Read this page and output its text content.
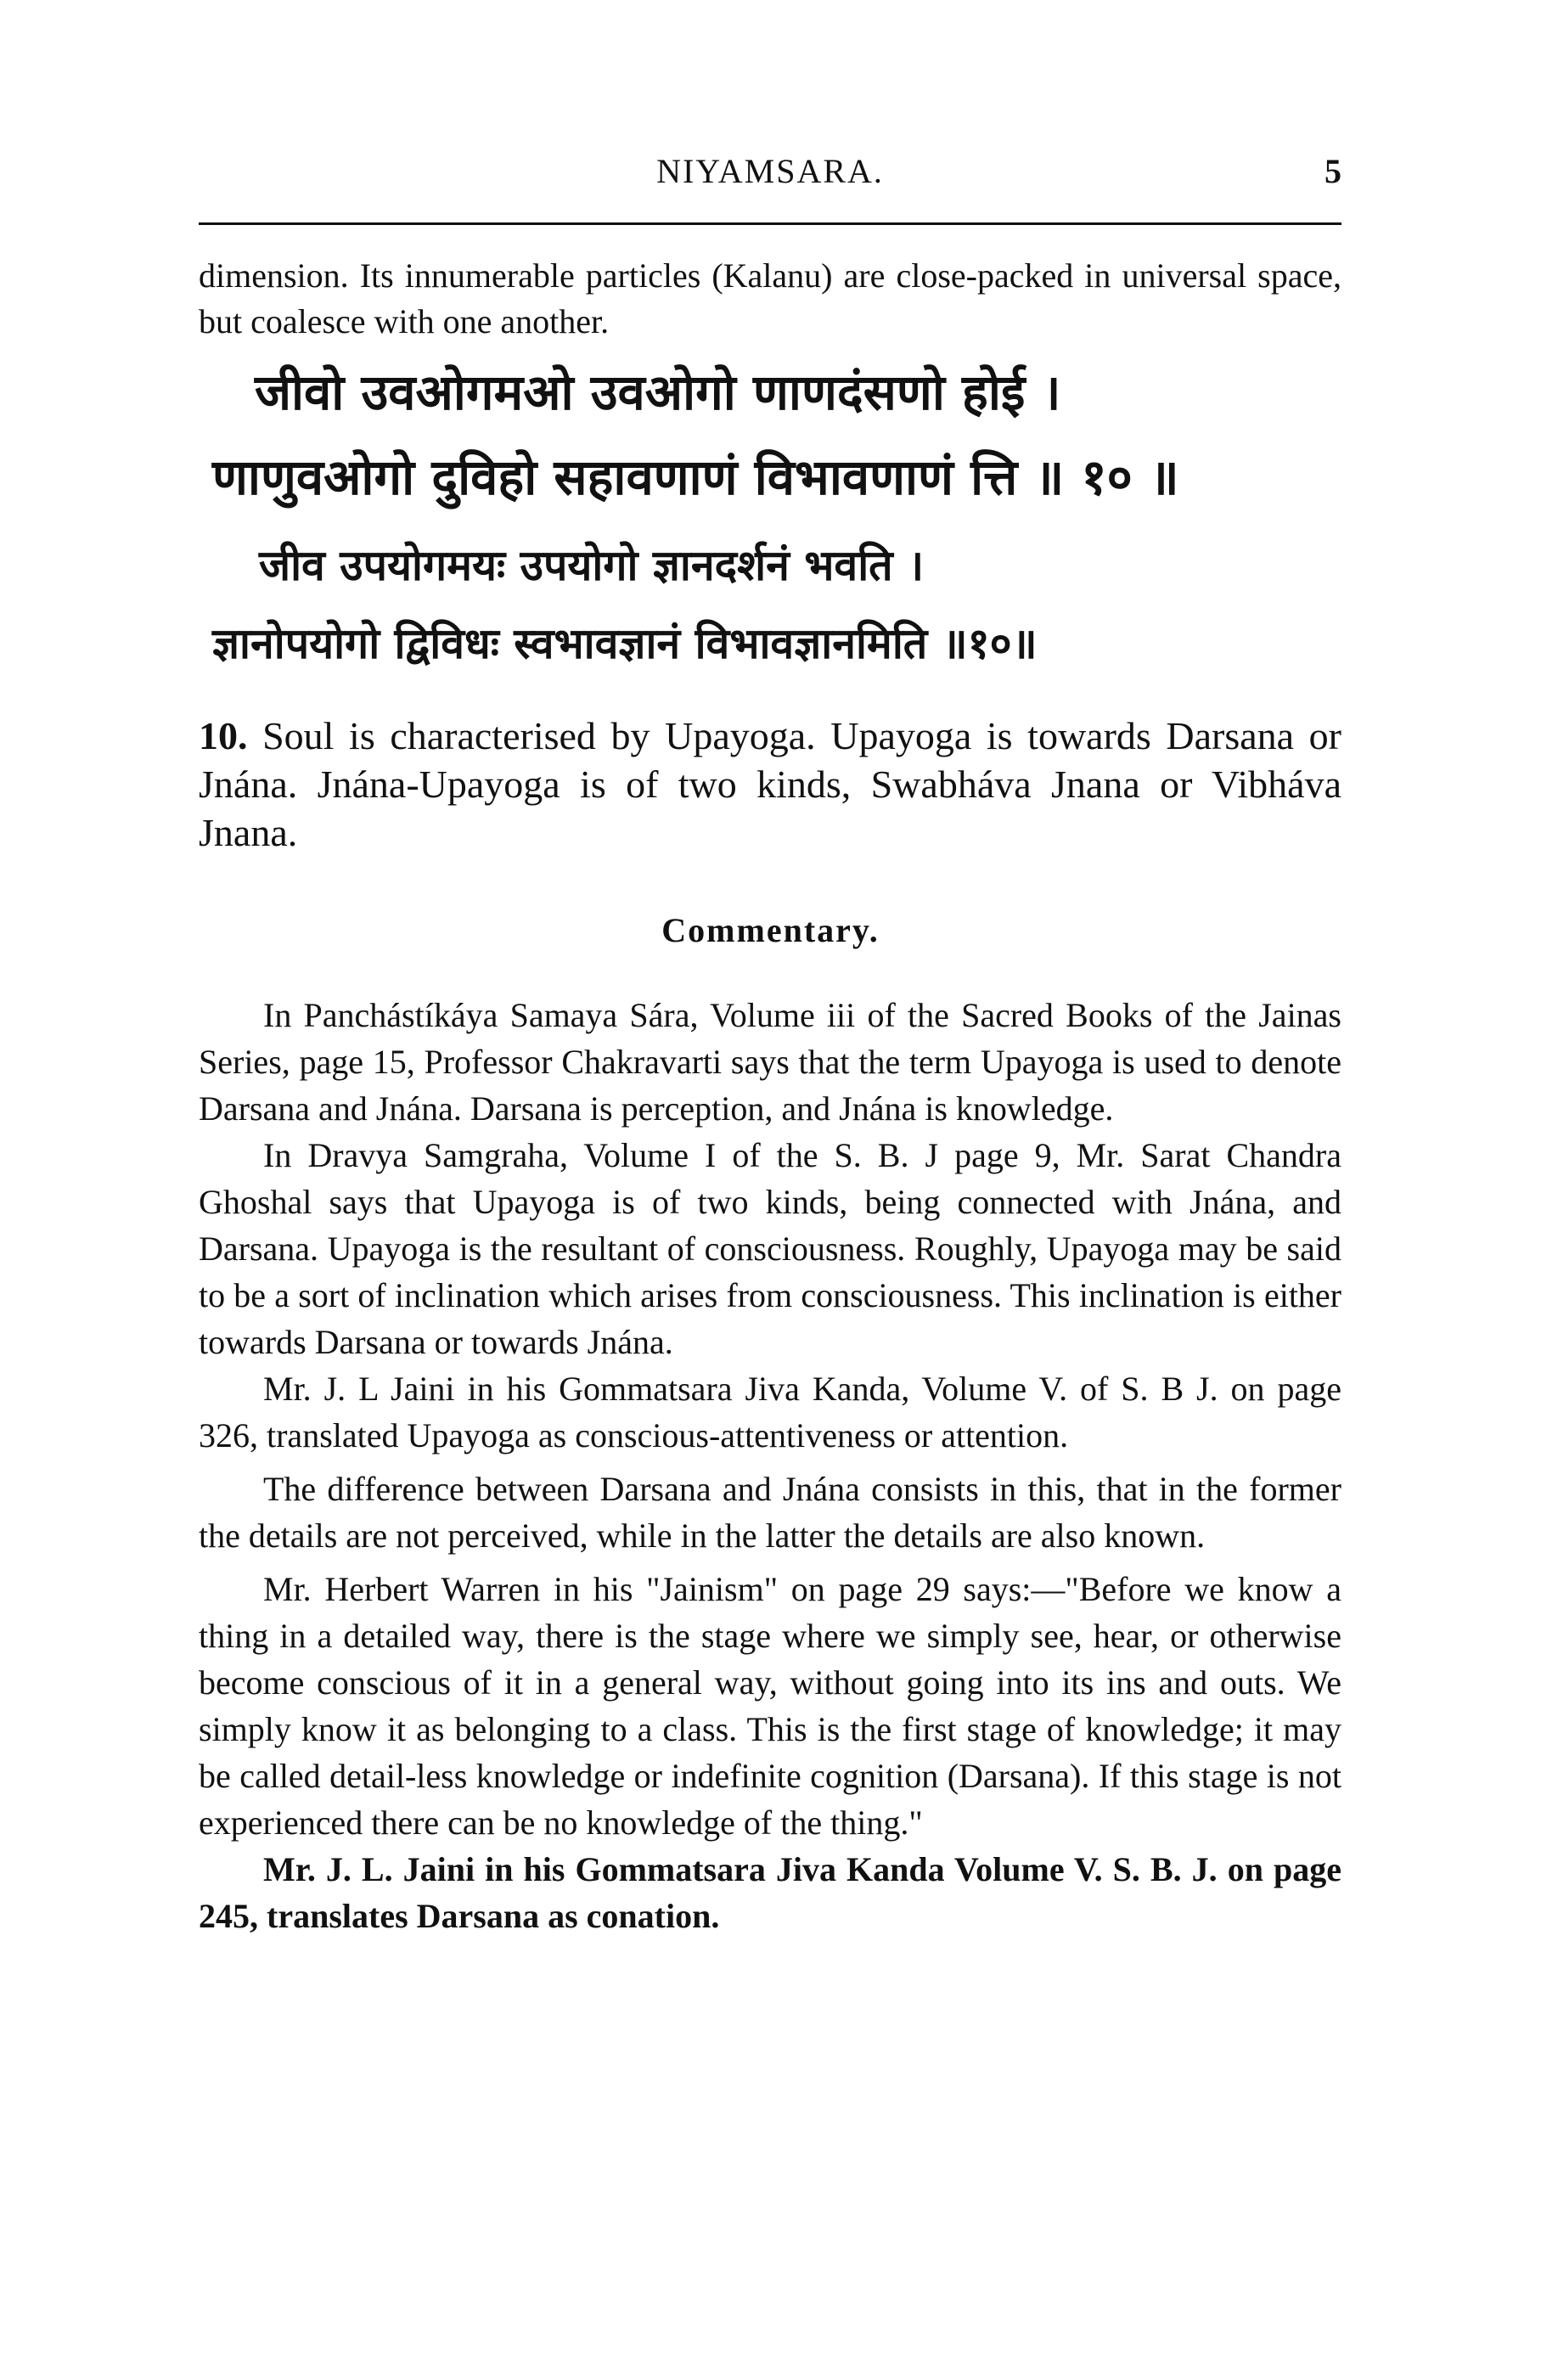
NIYAMSARA.	5
dimension. Its innumerable particles (Kalanu) are close-packed in universal space, but coalesce with one another.
जीवो उवओगमओ उवओगो णाणदंसणो होई ।
णाणुवओगो दुविहो सहावणाणं विभावणाणं त्ति ॥ १० ॥
जीव उपयोगमयः उपयोगो ज्ञानदर्शनं भवति ।
ज्ञानोपयोगो द्विविधः स्वभावज्ञानं विभावज्ञानमिति ॥१०॥
10. Soul is characterised by Upayoga. Upayoga is towards Darsana or Jnána. Jnána-Upayoga is of two kinds, Swabháva Jnana or Vibháva Jnana.
Commentary.

In Panchástíkáya Samaya Sára, Volume iii of the Sacred Books of the Jainas Series, page 15, Professor Chakravarti says that the term Upayoga is used to denote Darsana and Jnána. Darsana is perception, and Jnána is knowledge.

In Dravya Samgraha, Volume I of the S. B. J page 9, Mr. Sarat Chandra Ghoshal says that Upayoga is of two kinds, being connected with Jnána, and Darsana. Upayoga is the resultant of consciousness. Roughly, Upayoga may be said to be a sort of inclination which arises from consciousness. This inclination is either towards Darsana or towards Jnána.

Mr. J. L Jaini in his Gommatsara Jiva Kanda, Volume V. of S. B J. on page 326, translated Upayoga as conscious-attentiveness or attention.

The difference between Darsana and Jnána consists in this, that in the former the details are not perceived, while in the latter the details are also known.

Mr. Herbert Warren in his "Jainism" on page 29 says:—"Before we know a thing in a detailed way, there is the stage where we simply see, hear, or otherwise become conscious of it in a general way, without going into its ins and outs. We simply know it as belonging to a class. This is the first stage of knowledge; it may be called detail-less knowledge or indefinite cognition (Darsana). If this stage is not experienced there can be no knowledge of the thing."

Mr. J. L. Jaini in his Gommatsara Jiva Kanda Volume V. S. B. J. on page 245, translates Darsana as conation.
